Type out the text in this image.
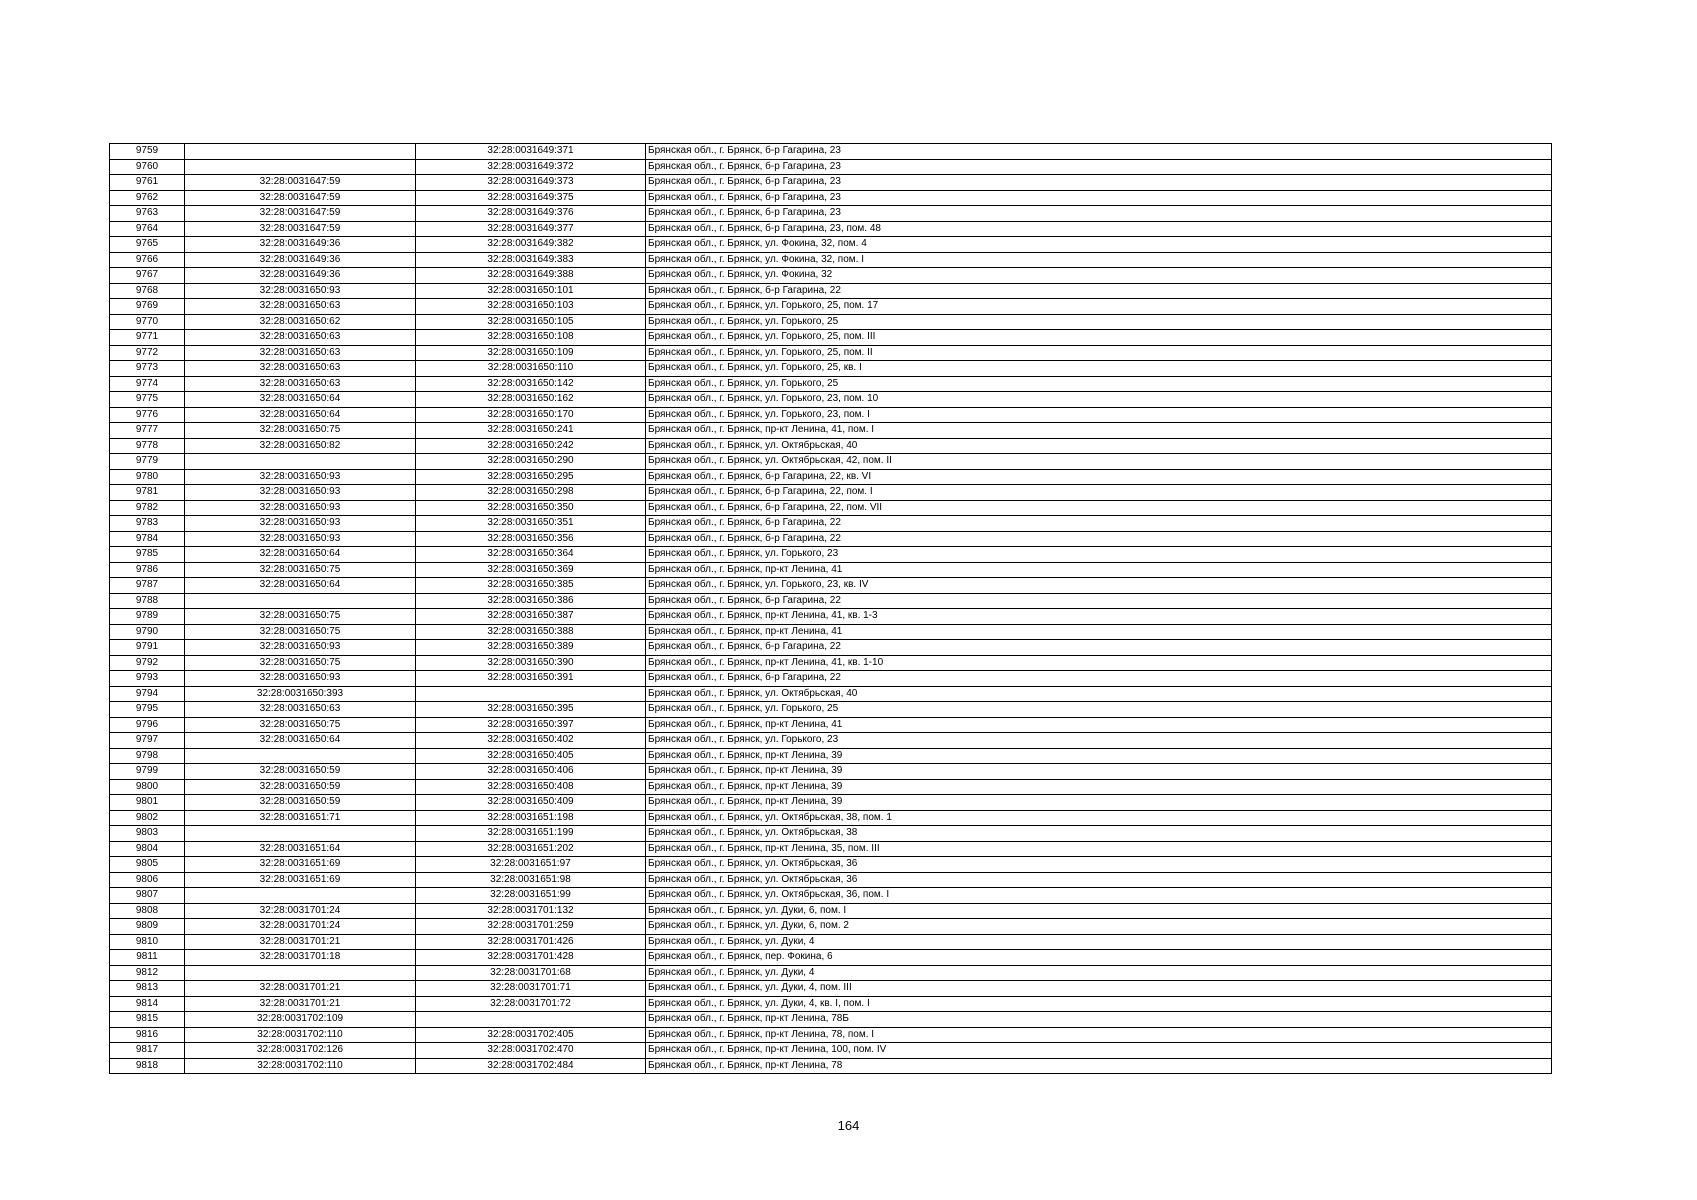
9759		32:28:0031649:371	Брянская обл., г. Брянск, б-р Гагарина, 23
9760		32:28:0031649:372	Брянская обл., г. Брянск, б-р Гагарина, 23
9761	32:28:0031647:59	32:28:0031649:373	Брянская обл., г. Брянск, б-р Гагарина, 23
9762	32:28:0031647:59	32:28:0031649:375	Брянская обл., г. Брянск, б-р Гагарина, 23
9763	32:28:0031647:59	32:28:0031649:376	Брянская обл., г. Брянск, б-р Гагарина, 23
9764	32:28:0031647:59	32:28:0031649:377	Брянская обл., г. Брянск, б-р Гагарина, 23, пом. 48
9765	32:28:0031649:36	32:28:0031649:382	Брянская обл., г. Брянск, ул. Фокина, 32, пом. 4
9766	32:28:0031649:36	32:28:0031649:383	Брянская обл., г. Брянск, ул. Фокина, 32, пом. I
9767	32:28:0031649:36	32:28:0031649:388	Брянская обл., г. Брянск, ул. Фокина, 32
9768	32:28:0031650:93	32:28:0031650:101	Брянская обл., г. Брянск, б-р Гагарина, 22
9769	32:28:0031650:63	32:28:0031650:103	Брянская обл., г. Брянск, ул. Горького, 25, пом. 17
9770	32:28:0031650:62	32:28:0031650:105	Брянская обл., г. Брянск, ул. Горького, 25
9771	32:28:0031650:63	32:28:0031650:108	Брянская обл., г. Брянск, ул. Горького, 25, пом. III
9772	32:28:0031650:63	32:28:0031650:109	Брянская обл., г. Брянск, ул. Горького, 25, пом. II
9773	32:28:0031650:63	32:28:0031650:110	Брянская обл., г. Брянск, ул. Горького, 25, кв. I
9774	32:28:0031650:63	32:28:0031650:142	Брянская обл., г. Брянск, ул. Горького, 25
9775	32:28:0031650:64	32:28:0031650:162	Брянская обл., г. Брянск, ул. Горького, 23, пом. 10
9776	32:28:0031650:64	32:28:0031650:170	Брянская обл., г. Брянск, ул. Горького, 23, пом. I
9777	32:28:0031650:75	32:28:0031650:241	Брянская обл., г. Брянск, пр-кт Ленина, 41, пом. I
9778	32:28:0031650:82	32:28:0031650:242	Брянская обл., г. Брянск, ул. Октябрьская, 40
9779		32:28:0031650:290	Брянская обл., г. Брянск, ул. Октябрьская, 42, пом. II
9780	32:28:0031650:93	32:28:0031650:295	Брянская обл., г. Брянск, б-р Гагарина, 22, кв. VI
9781	32:28:0031650:93	32:28:0031650:298	Брянская обл., г. Брянск, б-р Гагарина, 22, пом. I
9782	32:28:0031650:93	32:28:0031650:350	Брянская обл., г. Брянск, б-р Гагарина, 22, пом. VII
9783	32:28:0031650:93	32:28:0031650:351	Брянская обл., г. Брянск, б-р Гагарина, 22
9784	32:28:0031650:93	32:28:0031650:356	Брянская обл., г. Брянск, б-р Гагарина, 22
9785	32:28:0031650:64	32:28:0031650:364	Брянская обл., г. Брянск, ул. Горького, 23
9786	32:28:0031650:75	32:28:0031650:369	Брянская обл., г. Брянск, пр-кт Ленина, 41
9787	32:28:0031650:64	32:28:0031650:385	Брянская обл., г. Брянск, ул. Горького, 23, кв. IV
9788		32:28:0031650:386	Брянская обл., г. Брянск, б-р Гагарина, 22
9789	32:28:0031650:75	32:28:0031650:387	Брянская обл., г. Брянск, пр-кт Ленина, 41, кв. 1-3
9790	32:28:0031650:75	32:28:0031650:388	Брянская обл., г. Брянск, пр-кт Ленина, 41
9791	32:28:0031650:93	32:28:0031650:389	Брянская обл., г. Брянск, б-р Гагарина, 22
9792	32:28:0031650:75	32:28:0031650:390	Брянская обл., г. Брянск, пр-кт Ленина, 41, кв. 1-10
9793	32:28:0031650:93	32:28:0031650:391	Брянская обл., г. Брянск, б-р Гагарина, 22
9794	32:28:0031650:393		Брянская обл., г. Брянск, ул. Октябрьская, 40
9795	32:28:0031650:63	32:28:0031650:395	Брянская обл., г. Брянск, ул. Горького, 25
9796	32:28:0031650:75	32:28:0031650:397	Брянская обл., г. Брянск, пр-кт Ленина, 41
9797	32:28:0031650:64	32:28:0031650:402	Брянская обл., г. Брянск, ул. Горького, 23
9798		32:28:0031650:405	Брянская обл., г. Брянск, пр-кт Ленина, 39
9799	32:28:0031650:59	32:28:0031650:406	Брянская обл., г. Брянск, пр-кт Ленина, 39
9800	32:28:0031650:59	32:28:0031650:408	Брянская обл., г. Брянск, пр-кт Ленина, 39
9801	32:28:0031650:59	32:28:0031650:409	Брянская обл., г. Брянск, пр-кт Ленина, 39
9802	32:28:0031651:71	32:28:0031651:198	Брянская обл., г. Брянск, ул. Октябрьская, 38, пом. 1
9803		32:28:0031651:199	Брянская обл., г. Брянск, ул. Октябрьская, 38
9804	32:28:0031651:64	32:28:0031651:202	Брянская обл., г. Брянск, пр-кт Ленина, 35, пом. III
9805	32:28:0031651:69	32:28:0031651:97	Брянская обл., г. Брянск, ул. Октябрьская, 36
9806	32:28:0031651:69	32:28:0031651:98	Брянская обл., г. Брянск, ул. Октябрьская, 36
9807		32:28:0031651:99	Брянская обл., г. Брянск, ул. Октябрьская, 36, пом. I
9808	32:28:0031701:24	32:28:0031701:132	Брянская обл., г. Брянск, ул. Дуки, 6, пом. I
9809	32:28:0031701:24	32:28:0031701:259	Брянская обл., г. Брянск, ул. Дуки, 6, пом. 2
9810	32:28:0031701:21	32:28:0031701:426	Брянская обл., г. Брянск, ул. Дуки, 4
9811	32:28:0031701:18	32:28:0031701:428	Брянская обл., г. Брянск, пер. Фокина, 6
9812		32:28:0031701:68	Брянская обл., г. Брянск, ул. Дуки, 4
9813	32:28:0031701:21	32:28:0031701:71	Брянская обл., г. Брянск, ул. Дуки, 4, пом. III
9814	32:28:0031701:21	32:28:0031701:72	Брянская обл., г. Брянск, ул. Дуки, 4, кв. I, пом. I
9815	32:28:0031702:109		Брянская обл., г. Брянск, пр-кт Ленина, 78Б
9816	32:28:0031702:110	32:28:0031702:405	Брянская обл., г. Брянск, пр-кт Ленина, 78, пом. I
9817	32:28:0031702:126	32:28:0031702:470	Брянская обл., г. Брянск, пр-кт Ленина, 100, пом. IV
9818	32:28:0031702:110	32:28:0031702:484	Брянская обл., г. Брянск, пр-кт Ленина, 78
164
